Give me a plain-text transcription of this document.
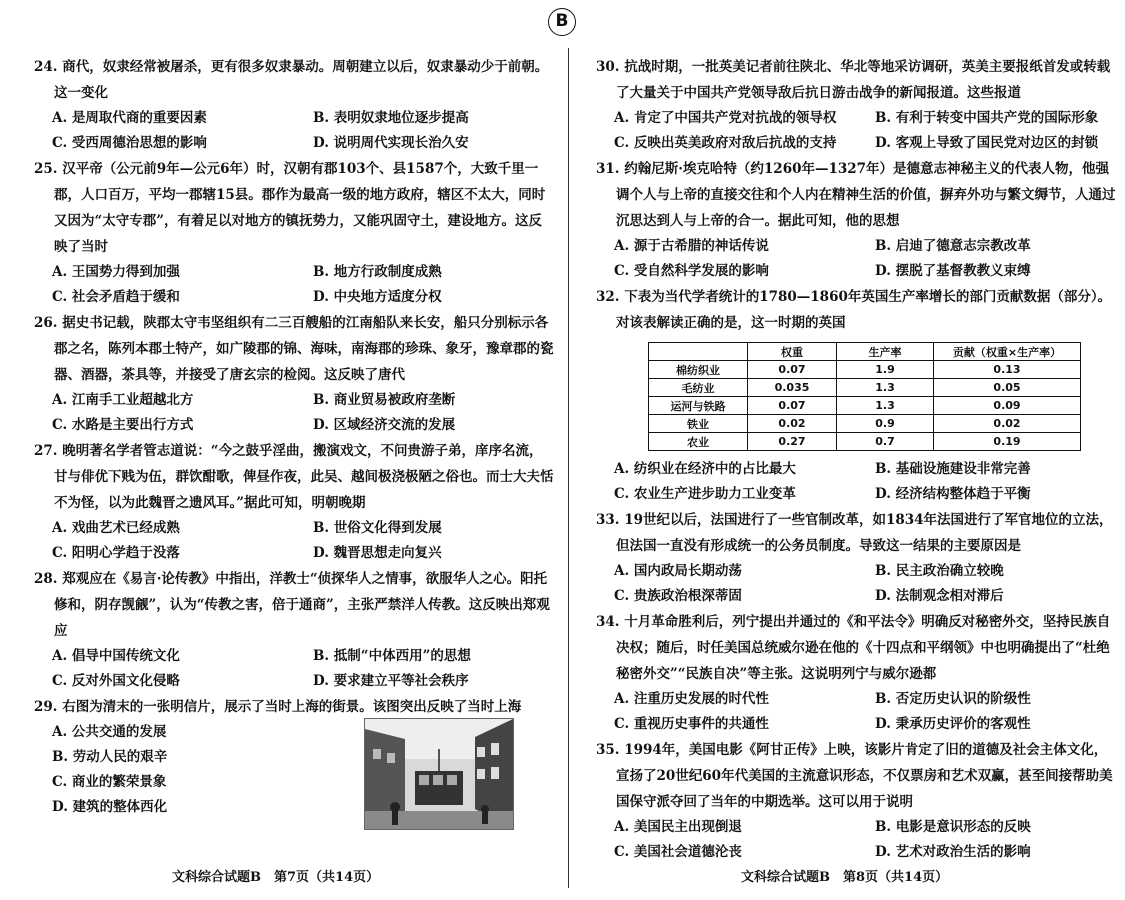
B

24. 商代，奴隶经常被屠杀，更有很多奴隶暴动。周朝建立以后，奴隶暴动少于前朝。这一变化

A. 是周取代商的重要因素	B. 表明奴隶地位逐步提高
C. 受西周德治思想的影响	D. 说明周代实现长治久安

25. 汉平帝（公元前9年—公元6年）时，汉朝有郡103个、县1587个，大致千里一郡，人口百万，平均一郡辖15县。郡作为最高一级的地方政府，辖区不太大，同时又因为“太守专郡”，有着足以对地方的镇抚势力，又能巩固守土，建设地方。这反映了当时

A. 王国势力得到加强	B. 地方行政制度成熟
C. 社会矛盾趋于缓和	D. 中央地方适度分权

26. 据史书记载，陕郡太守韦坚组织有二三百艘船的江南船队来长安，船只分别标示各郡之名，陈列本郡土特产，如广陵郡的锦、海味，南海郡的珍珠、象牙，豫章郡的瓷器、酒器，茶具等，并接受了唐玄宗的检阅。这反映了唐代

A. 江南手工业超越北方	B. 商业贸易被政府垄断
C. 水路是主要出行方式	D. 区域经济交流的发展

27. 晚明著名学者管志道说：“今之鼓乎淫曲，搬演戏文，不问贵游子弟，庠序名流，甘与俳优下贱为伍，群饮酣歌，俾昼作夜，此吴、越间极浇极陋之俗也。而士大夫恬不为怪，以为此魏晋之遗风耳。”据此可知，明朝晚期

A. 戏曲艺术已经成熟	B. 世俗文化得到发展
C. 阳明心学趋于没落	D. 魏晋思想走向复兴

28. 郑观应在《易言·论传教》中指出，洋教士“侦探华人之情事，欲服华人之心。阳托修和，阴存觊觎”，认为“传教之害，倍于通商”，主张严禁洋人传教。这反映出郑观应

A. 倡导中国传统文化	B. 抵制“中体西用”的思想
C. 反对外国文化侵略	D. 要求建立平等社会秩序

29. 右图为清末的一张明信片，展示了当时上海的街景。该图突出反映了当时上海

A. 公共交通的发展
B. 劳动人民的艰辛
C. 商业的繁荣景象
D. 建筑的整体西化
文科综合试题B　第7页（共14页）

30. 抗战时期，一批英美记者前往陕北、华北等地采访调研，英美主要报纸首发或转载了大量关于中国共产党领导敌后抗日游击战争的新闻报道。这些报道

A. 肯定了中国共产党对抗战的领导权	B. 有利于转变中国共产党的国际形象
C. 反映出英美政府对敌后抗战的支持	D. 客观上导致了国民党对边区的封锁

31. 约翰尼斯·埃克哈特（约1260年—1327年）是德意志神秘主义的代表人物，他强调个人与上帝的直接交往和个人内在精神生活的价值，摒弃外功与繁文缛节，人通过沉思达到人与上帝的合一。据此可知，他的思想

A. 源于古希腊的神话传说	B. 启迪了德意志宗教改革
C. 受自然科学发展的影响	D. 摆脱了基督教教义束缚

32. 下表为当代学者统计的1780—1860年英国生产率增长的部门贡献数据（部分）。对该表解读正确的是，这一时期的英国

	权重	生产率	贡献（权重×生产率）
棉纺织业	0.07	1.9	0.13
毛纺业	0.035	1.3	0.05
运河与铁路	0.07	1.3	0.09
铁业	0.02	0.9	0.02
农业	0.27	0.7	0.19
A. 纺织业在经济中的占比最大	B. 基础设施建设非常完善
C. 农业生产进步助力工业变革	D. 经济结构整体趋于平衡

33. 19世纪以后，法国进行了一些官制改革，如1834年法国进行了军官地位的立法，但法国一直没有形成统一的公务员制度。导致这一结果的主要原因是

A. 国内政局长期动荡	B. 民主政治确立较晚
C. 贵族政治根深蒂固	D. 法制观念相对滞后

34. 十月革命胜利后，列宁提出并通过的《和平法令》明确反对秘密外交，坚持民族自决权；随后，时任美国总统威尔逊在他的《十四点和平纲领》中也明确提出了“杜绝秘密外交”“民族自决”等主张。这说明列宁与威尔逊都

A. 注重历史发展的时代性	B. 否定历史认识的阶级性
C. 重视历史事件的共通性	D. 秉承历史评价的客观性

35. 1994年，美国电影《阿甘正传》上映，该影片肯定了旧的道德及社会主体文化，宣扬了20世纪60年代美国的主流意识形态，不仅票房和艺术双赢，甚至间接帮助美国保守派夺回了当年的中期选举。这可以用于说明

A. 美国民主出现倒退	B. 电影是意识形态的反映
C. 美国社会道德沦丧	D. 艺术对政治生活的影响
文科综合试题B　第8页（共14页）
